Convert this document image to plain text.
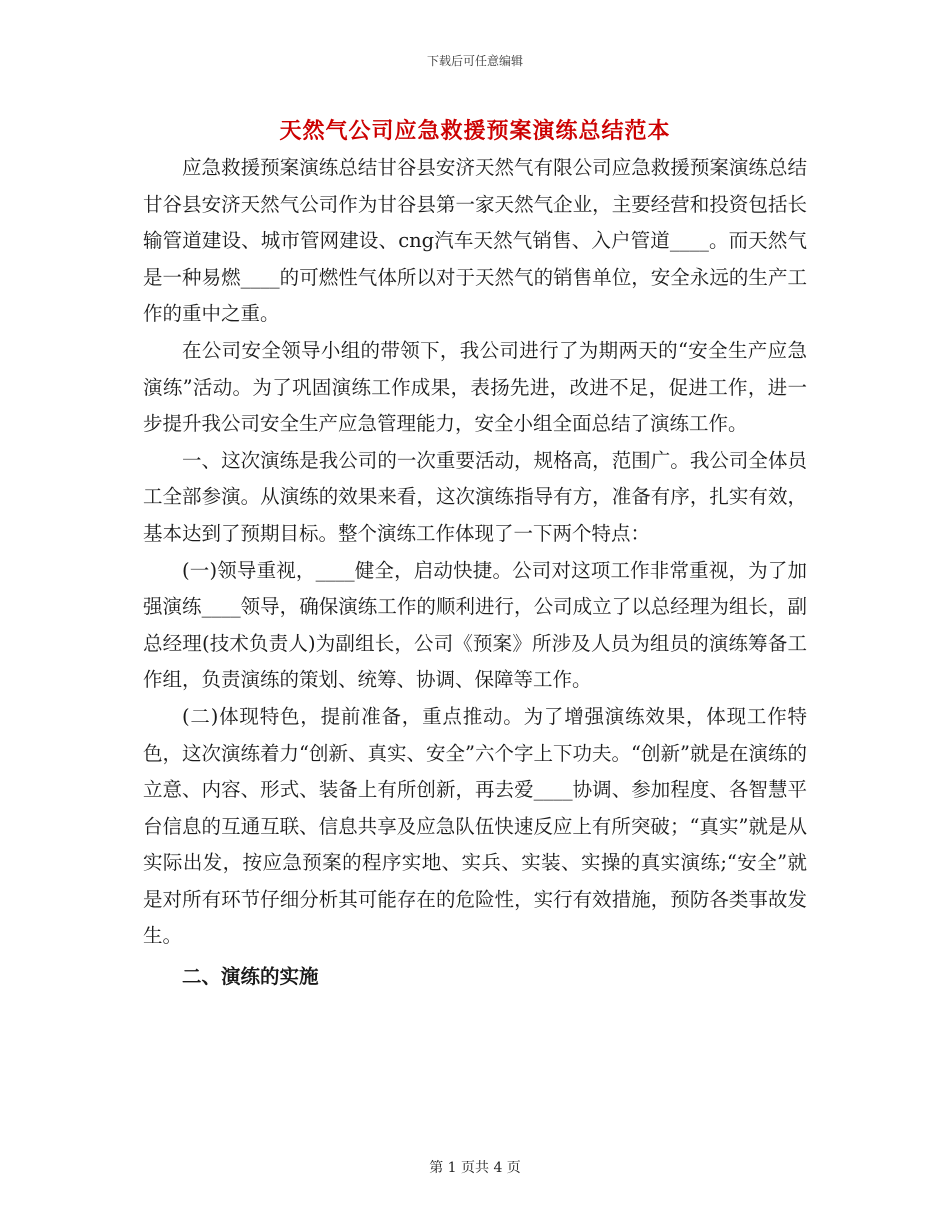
下载后可任意编辑
天然气公司应急救援预案演练总结范本

应急救援预案演练总结甘谷县安济天然气有限公司应急救援预案演练总结甘谷县安济天然气公司作为甘谷县第一家天然气企业，主要经营和投资包括长输管道建设、城市管网建设、cng汽车天然气销售、入户管道____。而天然气是一种易燃____的可燃性气体所以对于天然气的销售单位，安全永远的生产工作的重中之重。

在公司安全领导小组的带领下，我公司进行了为期两天的“安全生产应急演练”活动。为了巩固演练工作成果，表扬先进，改进不足，促进工作，进一步提升我公司安全生产应急管理能力，安全小组全面总结了演练工作。

一、这次演练是我公司的一次重要活动，规格高，范围广。我公司全体员工全部参演。从演练的效果来看，这次演练指导有方，准备有序，扎实有效，基本达到了预期目标。整个演练工作体现了一下两个特点：

(一)领导重视，____健全，启动快捷。公司对这项工作非常重视，为了加强演练____领导，确保演练工作的顺利进行，公司成立了以总经理为组长，副总经理(技术负责人)为副组长，公司《预案》所涉及人员为组员的演练筹备工作组，负责演练的策划、统筹、协调、保障等工作。

(二)体现特色，提前准备，重点推动。为了增强演练效果，体现工作特色，这次演练着力“创新、真实、安全”六个字上下功夫。“创新”就是在演练的立意、内容、形式、装备上有所创新，再去爱____协调、参加程度、各智慧平台信息的互通互联、信息共享及应急队伍快速反应上有所突破；“真实”就是从实际出发，按应急预案的程序实地、实兵、实装、实操的真实演练;“安全”就是对所有环节仔细分析其可能存在的危险性，实行有效措施，预防各类事故发生。

二、演练的实施

第 1 页共 4 页
